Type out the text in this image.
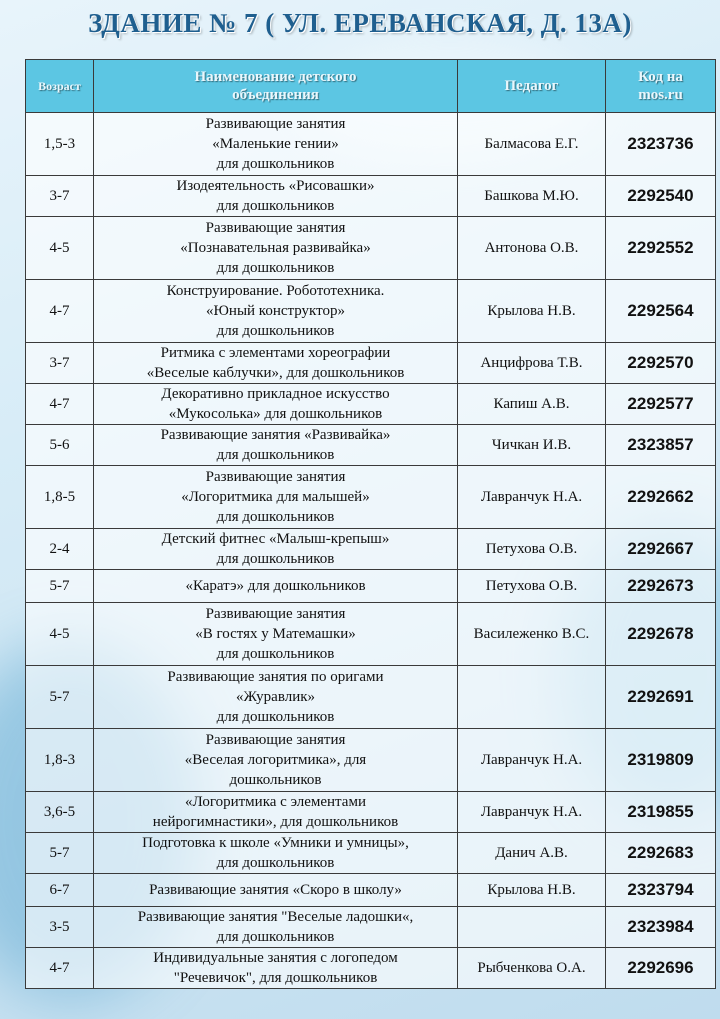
ЗДАНИЕ № 7 ( УЛ. ЕРЕВАНСКАЯ, Д. 13А)
Возраст	Наименование детского
объединения	Педагог	Код на
mos.ru

1,5-3	Развивающие занятия
«Маленькие гении»
для дошкольников	Балмасова Е.Г.	2323736
3-7	Изодеятельность «Рисовашки»
для дошкольников	Башкова М.Ю.	2292540
4-5	Развивающие занятия
«Познавательная развивайка»
для дошкольников	Антонова О.В.	2292552
4-7	Конструирование. Робототехника.
«Юный конструктор»
для дошкольников	Крылова Н.В.	2292564
3-7	Ритмика с элементами хореографии
«Веселые каблучки», для дошкольников	Анцифрова Т.В.	2292570
4-7	Декоративно прикладное искусство
«Мукосолька» для дошкольников	Капиш А.В.	2292577
5-6	Развивающие занятия «Развивайка»
для дошкольников	Чичкан И.В.	2323857
1,8-5	Развивающие занятия
«Логоритмика для малышей»
для дошкольников	Лавранчук Н.А.	2292662
2-4	Детский фитнес «Малыш-крепыш»
для дошкольников	Петухова О.В.	2292667
5-7	«Каратэ» для дошкольников	Петухова О.В.	2292673
4-5	Развивающие занятия
«В гостях у Матемашки»
для дошкольников	Василеженко В.С.	2292678
5-7	Развивающие занятия по оригами
«Журавлик»
для дошкольников		2292691
1,8-3	Развивающие занятия
«Веселая логоритмика», для
дошкольников	Лавранчук Н.А.	2319809
3,6-5	«Логоритмика с элементами
нейрогимнастики», для дошкольников	Лавранчук Н.А.	2319855
5-7	Подготовка к школе «Умники и умницы»,
для дошкольников	Данич А.В.	2292683
6-7	Развивающие занятия «Скоро в школу»	Крылова Н.В.	2323794
3-5	Развивающие занятия "Веселые ладошки«,
для дошкольников		2323984
4-7	Индивидуальные занятия с логопедом
"Речевичок", для дошкольников	Рыбченкова О.А.	2292696
